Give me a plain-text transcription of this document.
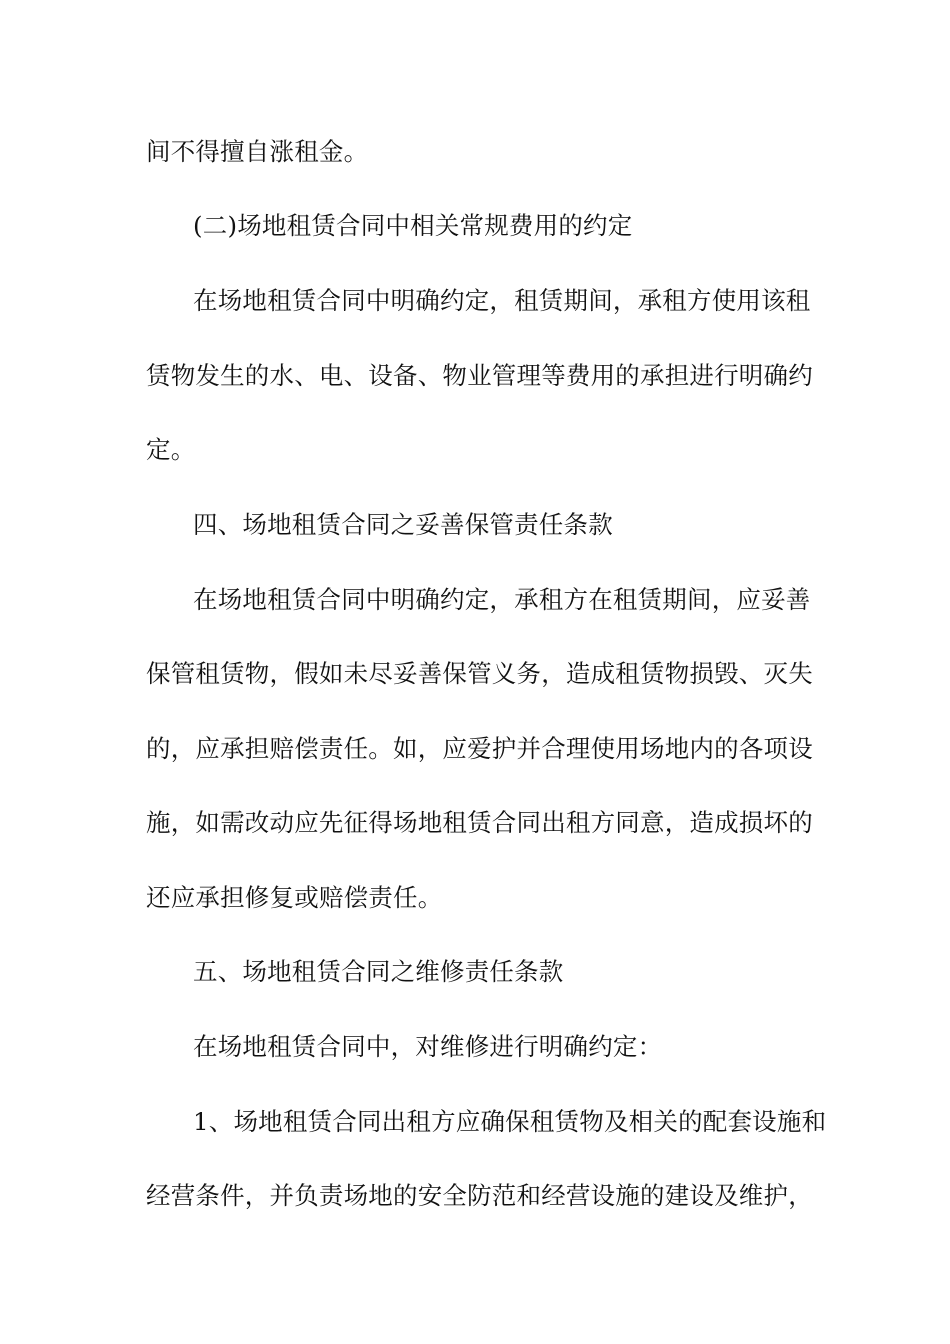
间不得擅自涨租金。
(二)场地租赁合同中相关常规费用的约定
在场地租赁合同中明确约定，租赁期间，承租方使用该租
赁物发生的水、电、设备、物业管理等费用的承担进行明确约
定。
四、场地租赁合同之妥善保管责任条款
在场地租赁合同中明确约定，承租方在租赁期间，应妥善
保管租赁物，假如未尽妥善保管义务，造成租赁物损毁、灭失
的，应承担赔偿责任。如，应爱护并合理使用场地内的各项设
施，如需改动应先征得场地租赁合同出租方同意，造成损坏的
还应承担修复或赔偿责任。
五、场地租赁合同之维修责任条款
在场地租赁合同中，对维修进行明确约定：
1、场地租赁合同出租方应确保租赁物及相关的配套设施和
经营条件，并负责场地的安全防范和经营设施的建设及维护，
